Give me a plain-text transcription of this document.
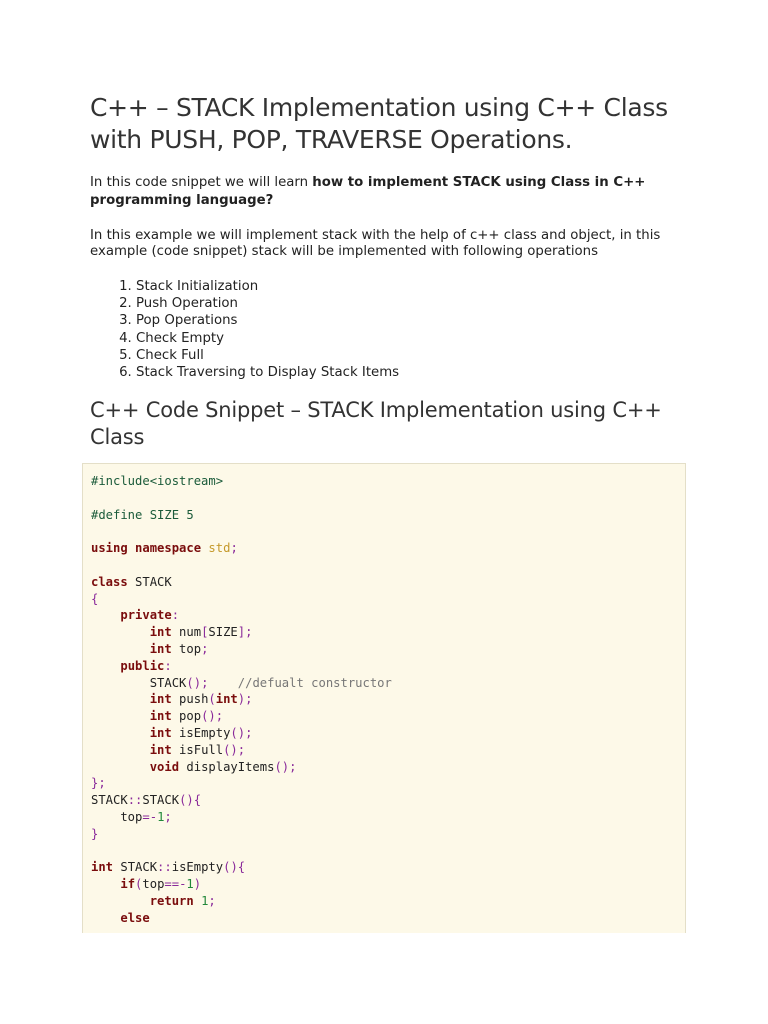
C++ – STACK Implementation using C++ Class with PUSH, POP, TRAVERSE Operations.
In this code snippet we will learn how to implement STACK using Class in C++ programming language?
In this example we will implement stack with the help of c++ class and object, in this example (code snippet) stack will be implemented with following operations
1. Stack Initialization
2. Push Operation
3. Pop Operations
4. Check Empty
5. Check Full
6. Stack Traversing to Display Stack Items
C++ Code Snippet – STACK Implementation using C++ Class
#include<iostream>

#define SIZE 5

using namespace std;

class STACK
{
private:
int num[SIZE];
int top;
public:
STACK(); //defualt constructor
int push(int);
int pop();
int isEmpty();
int isFull();
void displayItems();
};
STACK::STACK(){
top=-1;
}

int STACK::isEmpty(){
if(top==-1)
return 1;
else
